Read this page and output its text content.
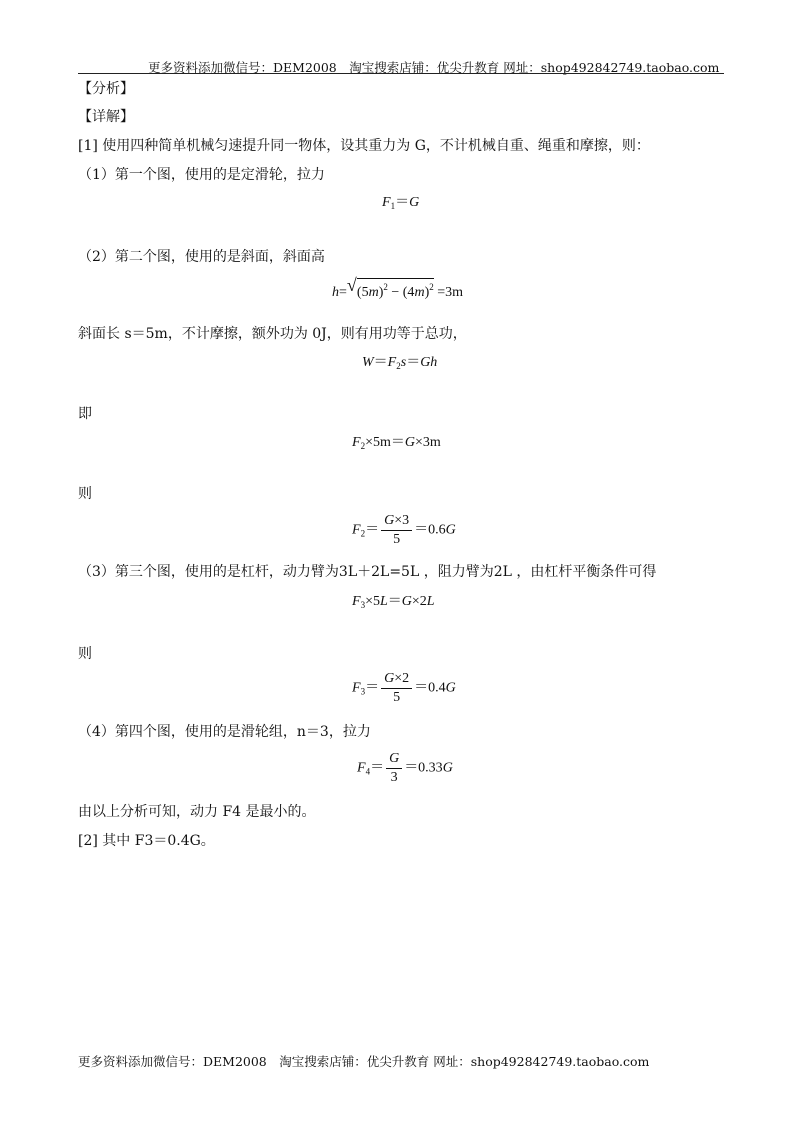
更多资料添加微信号：DEM2008　淘宝搜索店铺：优尖升教育 网址：shop492842749.taobao.com
【分析】
【详解】
[1] 使用四种简单机械匀速提升同一物体，设其重力为 G，不计机械自重、绳重和摩擦，则：
（1）第一个图，使用的是定滑轮，拉力
$F_1=G$
（2）第二个图，使用的是斜面，斜面高
h= √ $(5m)^2 - (4m)^2 =3m$
斜面长 s＝5m，不计摩擦，额外功为 0J，则有用功等于总功，
$W=F_2s=Gh$
即
$F_2\times 5m=G\times 3m$
则
$F_2= \frac{G\times 3}{5} =0.6G$
（3）第三个图，使用的是杠杆，动力臂为3L＋2L=5L ，阻力臂为2L ，由杠杆平衡条件可得
$F_3\times 5L=G\times 2L$
则
$F_3= \frac{G\times 2}{5} =0.4G$
（4）第四个图，使用的是滑轮组，n＝3，拉力
$F_4= \frac{G}{3} =0.33G$
由以上分析可知，动力 F4 是最小的。
[2] 其中 F3＝0.4G。
更多资料添加微信号：DEM2008　淘宝搜索店铺：优尖升教育 网址：shop492842749.taobao.com
